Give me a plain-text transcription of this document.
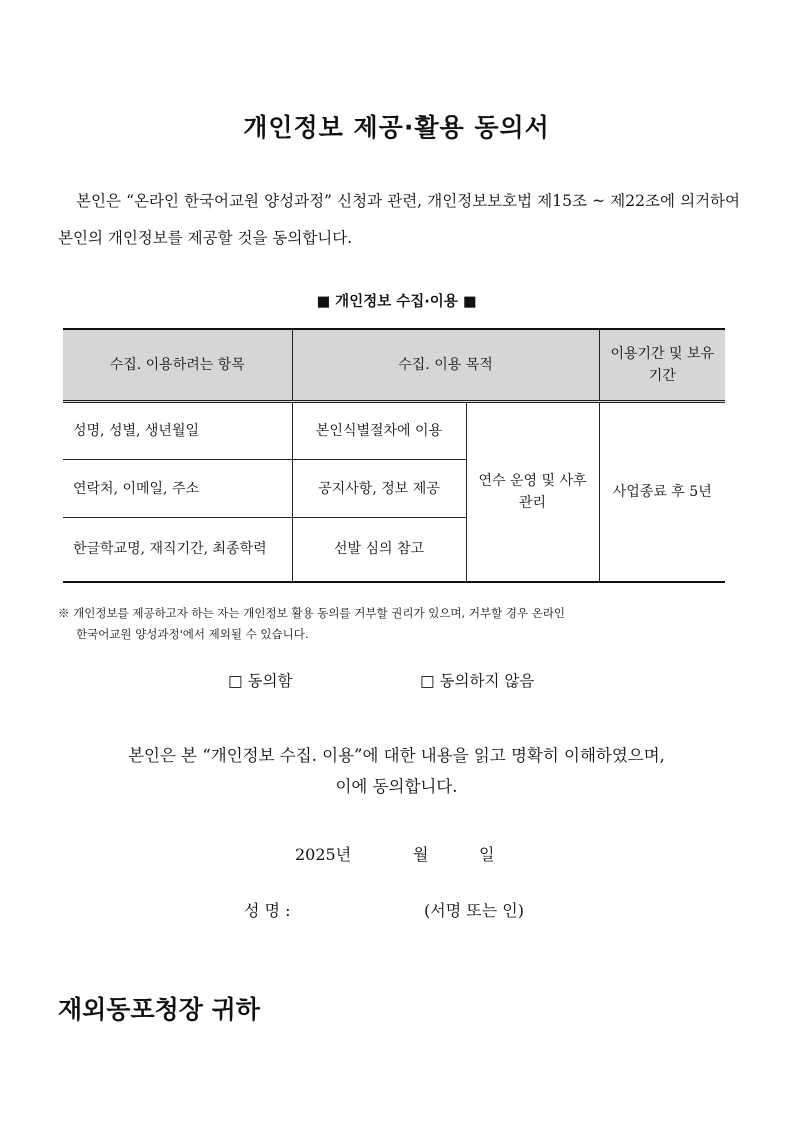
개인정보 제공·활용 동의서
본인은 “온라인 한국어교원 양성과정” 신청과 관련, 개인정보보호법 제15조 ~ 제22조에 의거하여 본인의 개인정보를 제공할 것을 동의합니다.
■ 개인정보 수집·이용 ■
수집. 이용하려는 항목	수집. 이용 목적		이용기간 및 보유기간
성명, 성별, 생년월일	본인식별절차에 이용	연수 운영 및 사후관리	사업종료 후 5년
연락처, 이메일, 주소	공지사항, 정보 제공		
한글학교명, 재직기간, 최종학력	선발 심의 참고		
※ 개인정보를 제공하고자 하는 자는 개인정보 활용 동의를 거부할 권리가 있으며, 거부할 경우 온라인
한국어교원 양성과정'에서 제외될 수 있습니다.
□ 동의함	□ 동의하지 않음
본인은 본 “개인정보 수집. 이용”에 대한 내용을 읽고 명확히 이해하였으며,
이에 동의합니다.
2025년	월	일
성 명 :	(서명 또는 인)
재외동포청장 귀하
